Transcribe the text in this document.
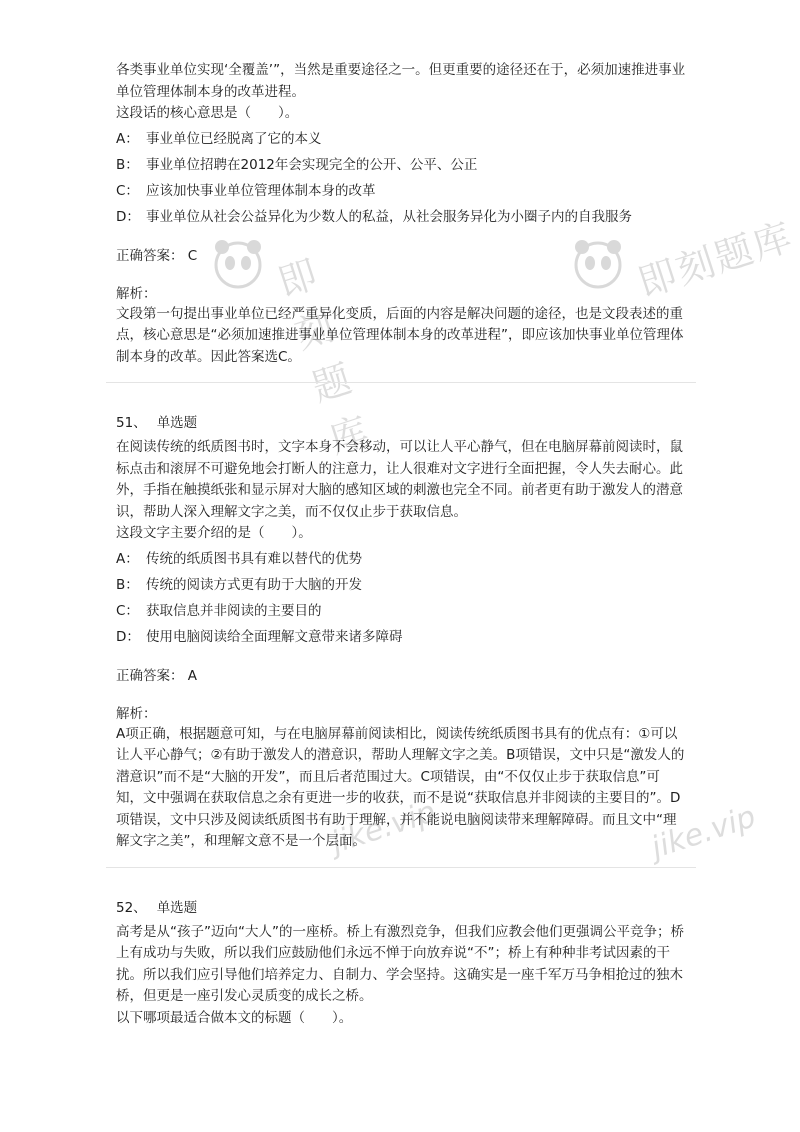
即刻题库
即刻题库
jike.vip	jike.vip

各类事业单位实现‘全覆盖’”，当然是重要途径之一。但更重要的途径还在于，必须加速推进事业单位管理体制本身的改革进程。

这段话的核心意思是（　　）。

A： 事业单位已经脱离了它的本义
B： 事业单位招聘在2012年会实现完全的公开、公平、公正
C： 应该加快事业单位管理体制本身的改革
D： 事业单位从社会公益异化为少数人的私益，从社会服务异化为小圈子内的自我服务
正确答案： C
解析：

文段第一句提出事业单位已经严重异化变质，后面的内容是解决问题的途径，也是文段表述的重点，核心意思是“必须加速推进事业单位管理体制本身的改革进程”，即应该加快事业单位管理体制本身的改革。因此答案选C。

51、 单选题

在阅读传统的纸质图书时，文字本身不会移动，可以让人平心静气，但在电脑屏幕前阅读时，鼠标点击和滚屏不可避免地会打断人的注意力，让人很难对文字进行全面把握，令人失去耐心。此外，手指在触摸纸张和显示屏对大脑的感知区域的刺激也完全不同。前者更有助于激发人的潜意识，帮助人深入理解文字之美，而不仅仅止步于获取信息。

这段文字主要介绍的是（　　）。

A： 传统的纸质图书具有难以替代的优势
B： 传统的阅读方式更有助于大脑的开发
C： 获取信息并非阅读的主要目的
D： 使用电脑阅读给全面理解文意带来诸多障碍
正确答案： A
解析：

A项正确，根据题意可知，与在电脑屏幕前阅读相比，阅读传统纸质图书具有的优点有：①可以让人平心静气；②有助于激发人的潜意识，帮助人理解文字之美。B项错误，文中只是“激发人的潜意识”而不是“大脑的开发”，而且后者范围过大。C项错误，由“不仅仅止步于获取信息”可知，文中强调在获取信息之余有更进一步的收获，而不是说“获取信息并非阅读的主要目的”。D项错误，文中只涉及阅读纸质图书有助于理解，并不能说电脑阅读带来理解障碍。而且文中“理解文字之美”，和理解文意不是一个层面。

52、 单选题

高考是从“孩子”迈向“大人”的一座桥。桥上有激烈竞争，但我们应教会他们更强调公平竞争；桥上有成功与失败，所以我们应鼓励他们永远不惮于向放弃说“不”；桥上有种种非考试因素的干扰。所以我们应引导他们培养定力、自制力、学会坚持。这确实是一座千军万马争相抢过的独木桥，但更是一座引发心灵质变的成长之桥。

以下哪项最适合做本文的标题（　　）。
